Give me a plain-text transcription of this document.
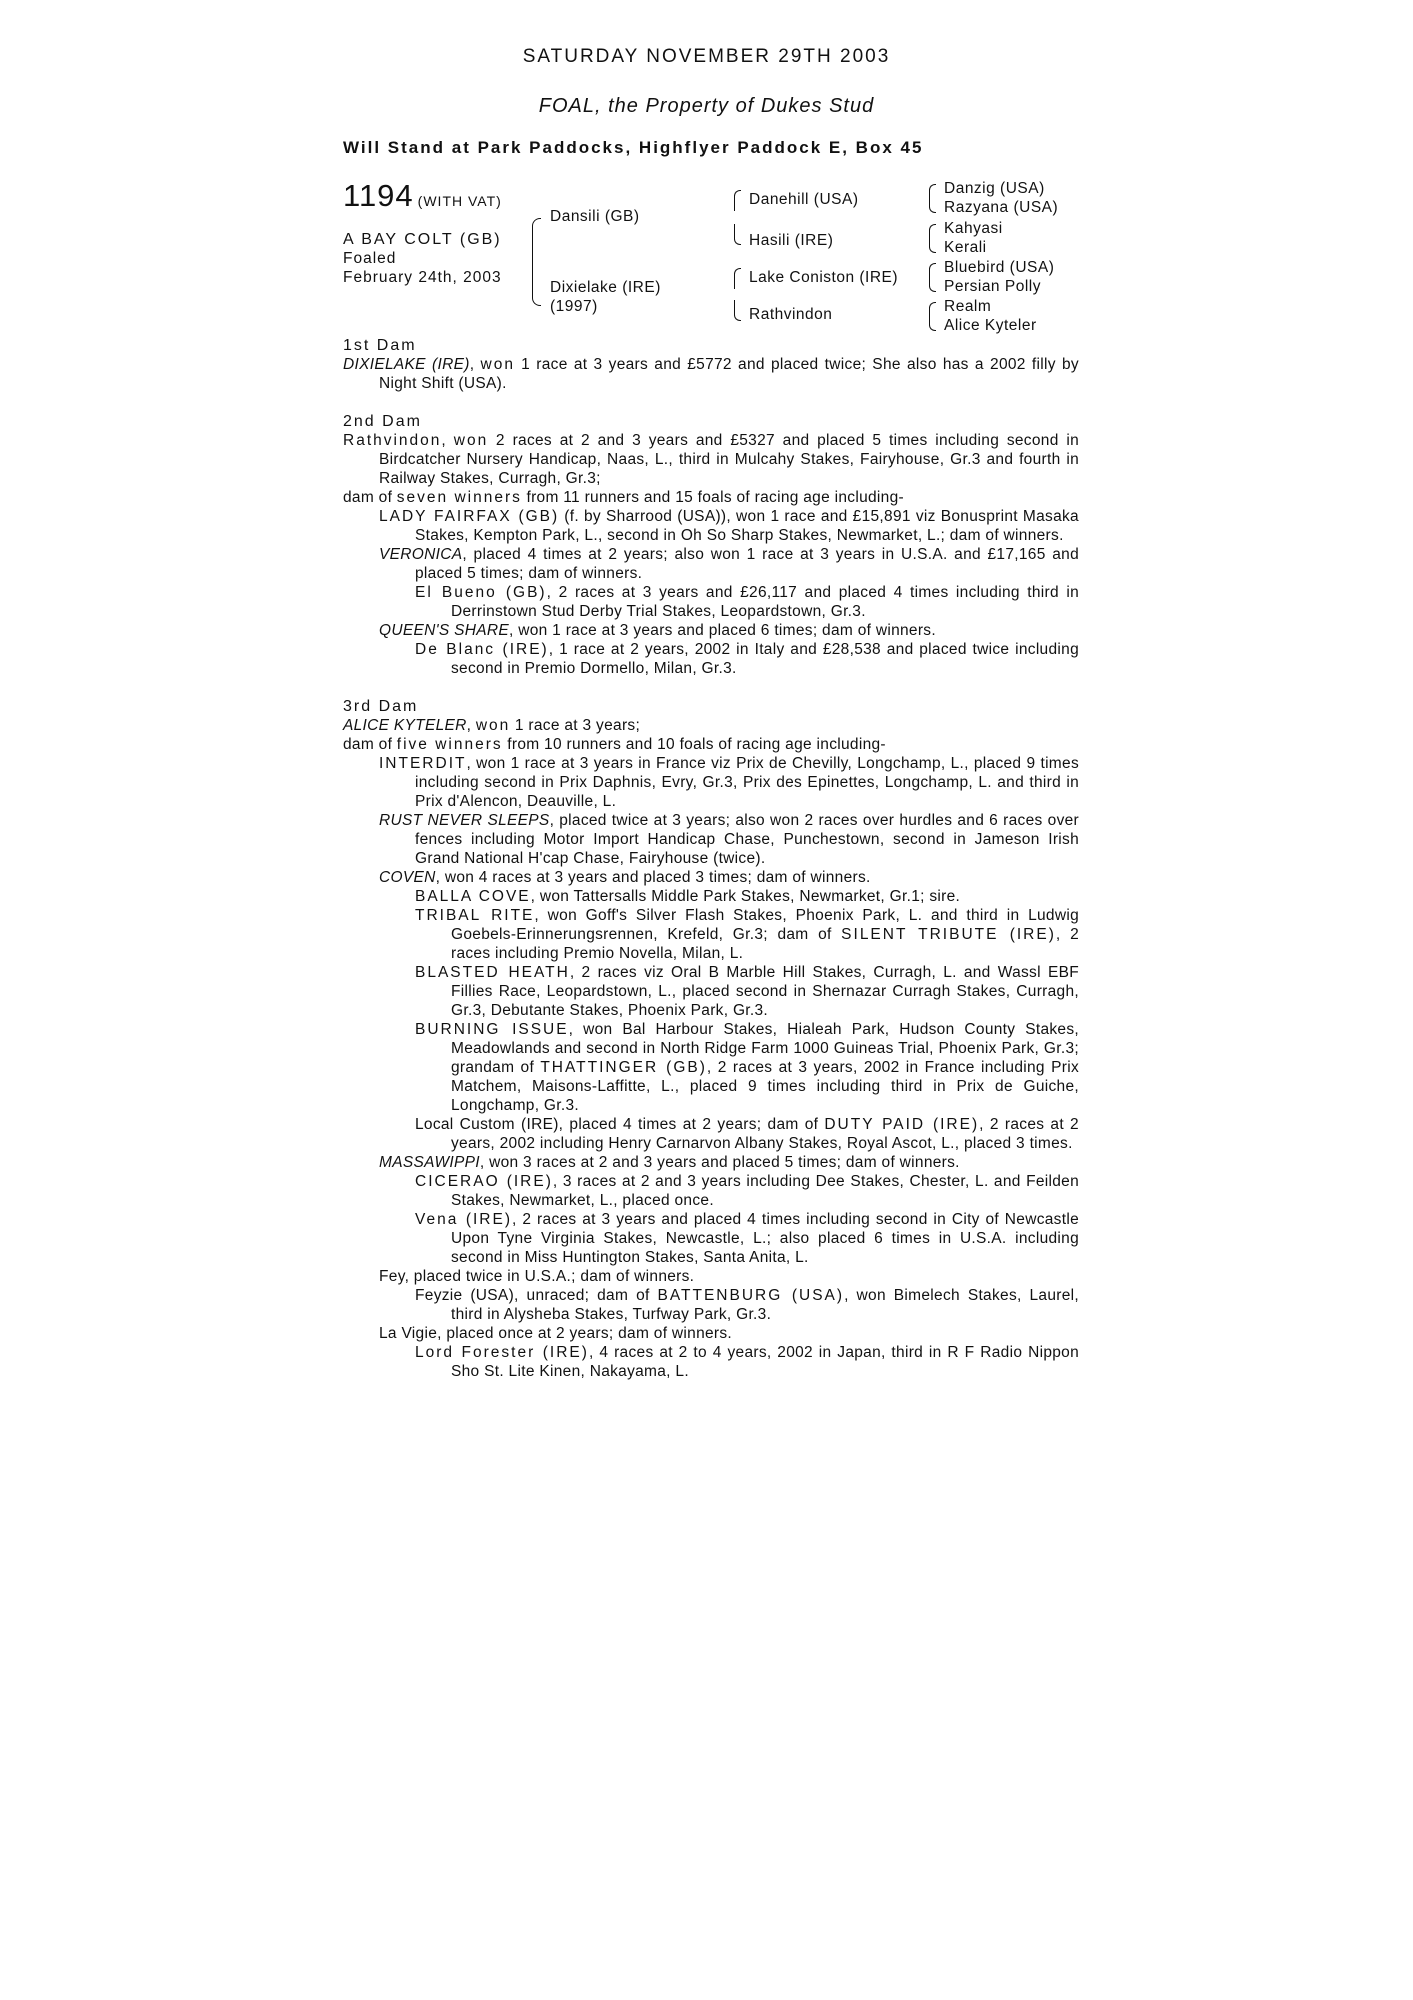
SATURDAY NOVEMBER 29TH 2003
FOAL, the Property of Dukes Stud
Will Stand at Park Paddocks, Highflyer Paddock E, Box 45
1194 (WITH VAT)
A BAY COLT (GB)
Foaled
February 24th, 2003
Dansili (GB)
Dixielake (IRE)
(1997)
Danehill (USA)
Hasili (IRE)
Lake Coniston (IRE)
Rathvindon
Danzig (USA)
Razyana (USA)
Kahyasi
Kerali
Bluebird (USA)
Persian Polly
Realm
Alice Kyteler
1st Dam

DIXIELAKE (IRE), won 1 race at 3 years and £5772 and placed twice; She also has a 2002 filly by Night Shift (USA).

2nd Dam

Rathvindon, won 2 races at 2 and 3 years and £5327 and placed 5 times including second in Birdcatcher Nursery Handicap, Naas, L., third in Mulcahy Stakes, Fairyhouse, Gr.3 and fourth in Railway Stakes, Curragh, Gr.3;

dam of seven winners from 11 runners and 15 foals of racing age including-

LADY FAIRFAX (GB) (f. by Sharrood (USA)), won 1 race and £15,891 viz Bonusprint Masaka Stakes, Kempton Park, L., second in Oh So Sharp Stakes, Newmarket, L.; dam of winners.

VERONICA, placed 4 times at 2 years; also won 1 race at 3 years in U.S.A. and £17,165 and placed 5 times; dam of winners.

El Bueno (GB), 2 races at 3 years and £26,117 and placed 4 times including third in Derrinstown Stud Derby Trial Stakes, Leopardstown, Gr.3.

QUEEN'S SHARE, won 1 race at 3 years and placed 6 times; dam of winners.

De Blanc (IRE), 1 race at 2 years, 2002 in Italy and £28,538 and placed twice including second in Premio Dormello, Milan, Gr.3.

3rd Dam

ALICE KYTELER, won 1 race at 3 years;

dam of five winners from 10 runners and 10 foals of racing age including-

INTERDIT, won 1 race at 3 years in France viz Prix de Chevilly, Longchamp, L., placed 9 times including second in Prix Daphnis, Evry, Gr.3, Prix des Epinettes, Longchamp, L. and third in Prix d'Alencon, Deauville, L.

RUST NEVER SLEEPS, placed twice at 3 years; also won 2 races over hurdles and 6 races over fences including Motor Import Handicap Chase, Punchestown, second in Jameson Irish Grand National H'cap Chase, Fairyhouse (twice).

COVEN, won 4 races at 3 years and placed 3 times; dam of winners.

BALLA COVE, won Tattersalls Middle Park Stakes, Newmarket, Gr.1; sire.

TRIBAL RITE, won Goff's Silver Flash Stakes, Phoenix Park, L. and third in Ludwig Goebels-Erinnerungsrennen, Krefeld, Gr.3; dam of SILENT TRIBUTE (IRE), 2 races including Premio Novella, Milan, L.

BLASTED HEATH, 2 races viz Oral B Marble Hill Stakes, Curragh, L. and Wassl EBF Fillies Race, Leopardstown, L., placed second in Shernazar Curragh Stakes, Curragh, Gr.3, Debutante Stakes, Phoenix Park, Gr.3.

BURNING ISSUE, won Bal Harbour Stakes, Hialeah Park, Hudson County Stakes, Meadowlands and second in North Ridge Farm 1000 Guineas Trial, Phoenix Park, Gr.3; grandam of THATTINGER (GB), 2 races at 3 years, 2002 in France including Prix Matchem, Maisons-Laffitte, L., placed 9 times including third in Prix de Guiche, Longchamp, Gr.3.

Local Custom (IRE), placed 4 times at 2 years; dam of DUTY PAID (IRE), 2 races at 2 years, 2002 including Henry Carnarvon Albany Stakes, Royal Ascot, L., placed 3 times.

MASSAWIPPI, won 3 races at 2 and 3 years and placed 5 times; dam of winners.

CICERAO (IRE), 3 races at 2 and 3 years including Dee Stakes, Chester, L. and Feilden Stakes, Newmarket, L., placed once.

Vena (IRE), 2 races at 3 years and placed 4 times including second in City of Newcastle Upon Tyne Virginia Stakes, Newcastle, L.; also placed 6 times in U.S.A. including second in Miss Huntington Stakes, Santa Anita, L.

Fey, placed twice in U.S.A.; dam of winners.

Feyzie (USA), unraced; dam of BATTENBURG (USA), won Bimelech Stakes, Laurel, third in Alysheba Stakes, Turfway Park, Gr.3.

La Vigie, placed once at 2 years; dam of winners.

Lord Forester (IRE), 4 races at 2 to 4 years, 2002 in Japan, third in R F Radio Nippon Sho St. Lite Kinen, Nakayama, L.
